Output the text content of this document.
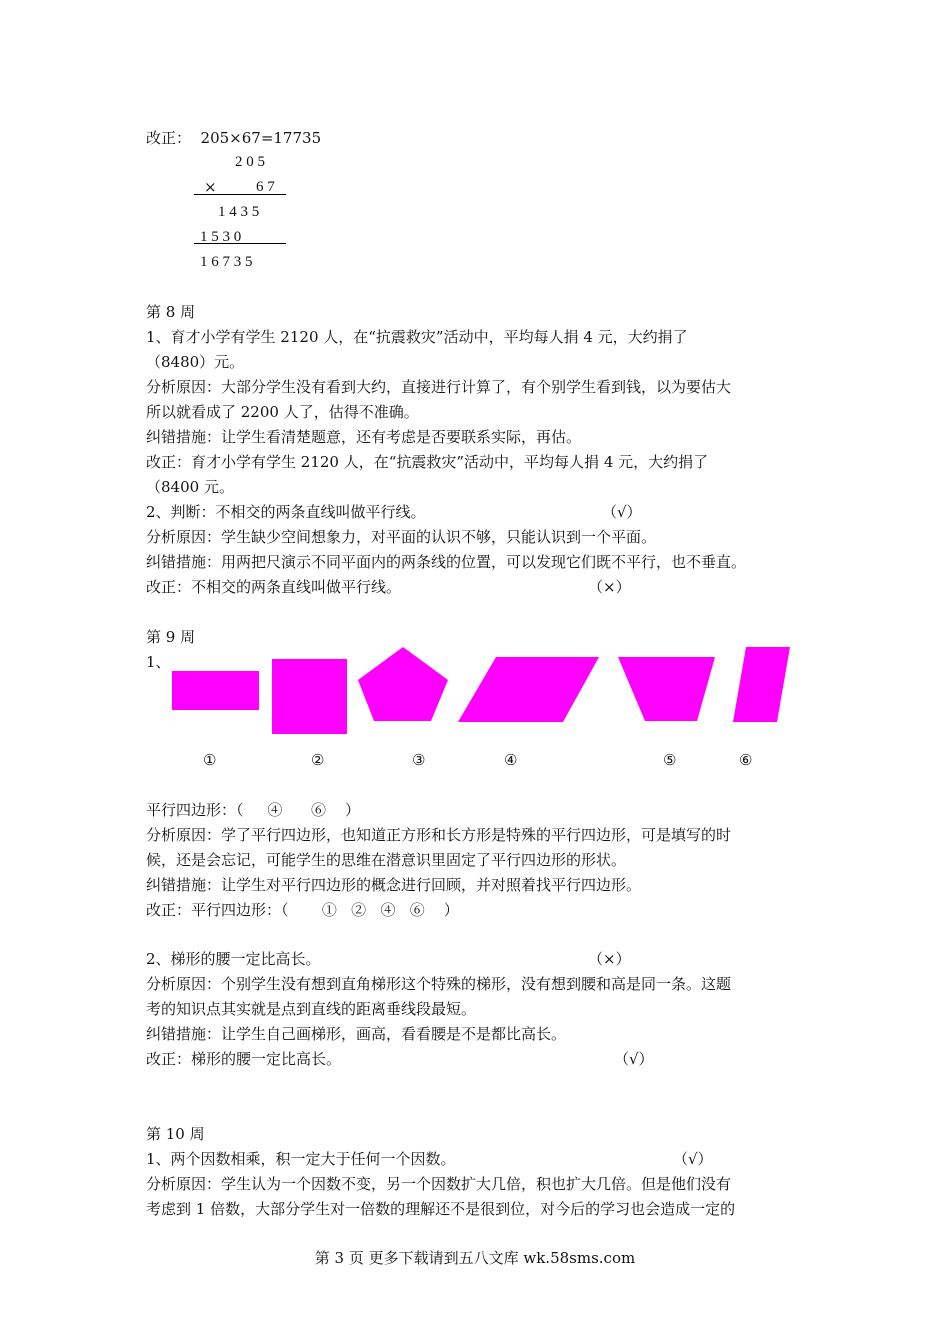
改正：  205×67=17735
2 0 5
×	6 7
1 4 3 5
1 5 3 0
1 6 7 3 5
第 8 周
1、育才小学有学生 2120 人，在“抗震救灾”活动中，平均每人捐 4 元，大约捐了
（8480）元。
分析原因：大部分学生没有看到大约，直接进行计算了，有个别学生看到钱，以为要估大
所以就看成了 2200 人了，估得不准确。
纠错措施：让学生看清楚题意，还有考虑是否要联系实际，再估。
改正：育才小学有学生 2120 人，在“抗震救灾”活动中，平均每人捐 4 元，大约捐了
（8400 元。
2、判断：不相交的两条直线叫做平行线。	（√）
分析原因：学生缺少空间想象力，对平面的认识不够，只能认识到一个平面。
纠错措施：用两把尺演示不同平面内的两条线的位置，可以发现它们既不平行，也不垂直。
改正：不相交的两条直线叫做平行线。	（×）
第 9 周
1、
①	②	③	④	⑤	⑥
平行四边形：（     ④      ⑥    ）
分析原因：学了平行四边形，也知道正方形和长方形是特殊的平行四边形，可是填写的时
候，还是会忘记，可能学生的思维在潜意识里固定了平行四边形的形状。
纠错措施：让学生对平行四边形的概念进行回顾，并对照着找平行四边形。
改正：平行四边形：（       ①   ②   ④   ⑥    ）
2、梯形的腰一定比高长。	（×）
分析原因：个别学生没有想到直角梯形这个特殊的梯形，没有想到腰和高是同一条。这题
考的知识点其实就是点到直线的距离垂线段最短。
纠错措施：让学生自己画梯形，画高，看看腰是不是都比高长。
改正：梯形的腰一定比高长。	（√）
第 10 周
1、两个因数相乘，积一定大于任何一个因数。	（√）
分析原因：学生认为一个因数不变，另一个因数扩大几倍，积也扩大几倍。但是他们没有
考虑到 1 倍数，大部分学生对一倍数的理解还不是很到位，对今后的学习也会造成一定的
第 3 页 更多下载请到五八文库 wk.58sms.com
